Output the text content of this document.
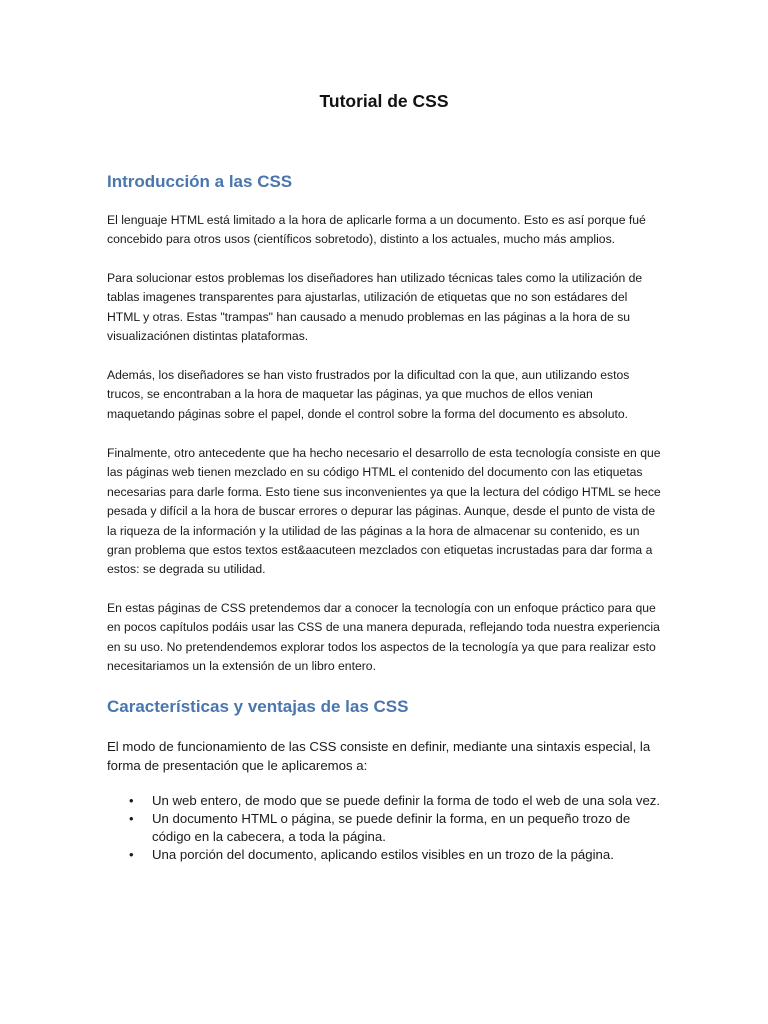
Tutorial de CSS
Introducción a las CSS

El lenguaje HTML está limitado a la hora de aplicarle forma a un documento. Esto es así porque fué concebido para otros usos (científicos sobretodo), distinto a los actuales, mucho más amplios.

Para solucionar estos problemas los diseñadores han utilizado técnicas tales como la utilización de tablas imagenes transparentes para ajustarlas, utilización de etiquetas que no son estádares del HTML y otras. Estas "trampas" han causado a menudo problemas en las páginas a la hora de su visualizaciónen distintas plataformas.

Además, los diseñadores se han visto frustrados por la dificultad con la que, aun utilizando estos trucos, se encontraban a la hora de maquetar las páginas, ya que muchos de ellos venian maquetando páginas sobre el papel, donde el control sobre la forma del documento es absoluto.

Finalmente, otro antecedente que ha hecho necesario el desarrollo de esta tecnología consiste en que las páginas web tienen mezclado en su código HTML el contenido del documento con las etiquetas necesarias para darle forma. Esto tiene sus inconvenientes ya que la lectura del código HTML se hece pesada y difícil a la hora de buscar errores o depurar las páginas. Aunque, desde el punto de vista de la riqueza de la información y la utilidad de las páginas a la hora de almacenar su contenido, es un gran problema que estos textos est&aacuteen mezclados con etiquetas incrustadas para dar forma a estos: se degrada su utilidad.

En estas páginas de CSS pretendemos dar a conocer la tecnología con un enfoque práctico para que en pocos capítulos podáis usar las CSS de una manera depurada, reflejando toda nuestra experiencia en su uso. No pretendendemos explorar todos los aspectos de la tecnología ya que para realizar esto necesitariamos un la extensión de un libro entero.

Características y ventajas de las CSS

El modo de funcionamiento de las CSS consiste en definir, mediante una sintaxis especial, la forma de presentación que le aplicaremos a:

• Un web entero, de modo que se puede definir la forma de todo el web de una sola vez.
• Un documento HTML o página, se puede definir la forma, en un pequeño trozo de código en la cabecera, a toda la página.
• Una porción del documento, aplicando estilos visibles en un trozo de la página.
